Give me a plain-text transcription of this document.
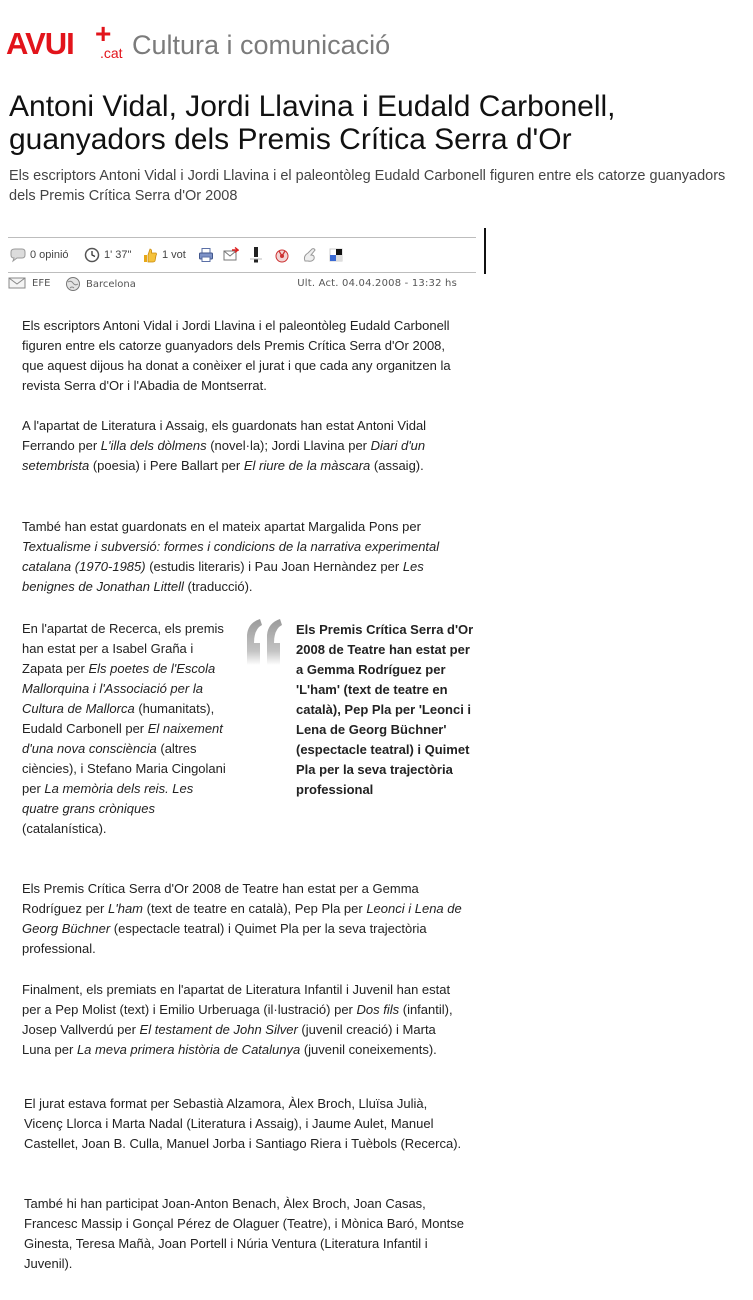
AVUI +
.cat Cultura i comunicació
Antoni Vidal, Jordi Llavina i Eudald Carbonell, guanyadors dels Premis Crítica Serra d'Or
Els escriptors Antoni Vidal i Jordi Llavina i el paleontòleg Eudald Carbonell figuren entre els catorze guanyadors dels Premis Crítica Serra d'Or 2008
0 opinió	1' 37"	1 vot
EFE	Barcelona	Ult. Act. 04.04.2008 - 13:32 hs

Els escriptors Antoni Vidal i Jordi Llavina i el paleontòleg Eudald Carbonell figuren entre els catorze guanyadors dels Premis Crítica Serra d'Or 2008, que aquest dijous ha donat a conèixer el jurat i que cada any organitzen la revista Serra d'Or i l'Abadia de Montserrat.

A l'apartat de Literatura i Assaig, els guardonats han estat Antoni Vidal Ferrando per L'illa dels dòlmens (novel·la); Jordi Llavina per Diari d'un setembrista (poesia) i Pere Ballart per El riure de la màscara (assaig).

També han estat guardonats en el mateix apartat Margalida Pons per Textualisme i subversió: formes i condicions de la narrativa experimental catalana (1970-1985) (estudis literaris) i Pau Joan Hernàndez per Les benignes de Jonathan Littell (traducció).

En l'apartat de Recerca, els premis han estat per a Isabel Graña i Zapata per Els poetes de l'Escola Mallorquina i l'Associació per la Cultura de Mallorca (humanitats), Eudald Carbonell per El naixement d'una nova consciència (altres ciències), i Stefano Maria Cingolani per La memòria dels reis. Les quatre grans cròniques (catalanística).

Els Premis Crítica Serra d'Or 2008 de Teatre han estat per a Gemma Rodríguez per 'L'ham' (text de teatre en català), Pep Pla per 'Leonci i Lena de Georg Büchner' (espectacle teatral) i Quimet Pla per la seva trajectòria professional

Els Premis Crítica Serra d'Or 2008 de Teatre han estat per a Gemma Rodríguez per L'ham (text de teatre en català), Pep Pla per Leonci i Lena de Georg Büchner (espectacle teatral) i Quimet Pla per la seva trajectòria professional.

Finalment, els premiats en l'apartat de Literatura Infantil i Juvenil han estat per a Pep Molist (text) i Emilio Urberuaga (il·lustració) per Dos fils (infantil), Josep Vallverdú per El testament de John Silver (juvenil creació) i Marta Luna per La meva primera història de Catalunya (juvenil coneixements).

El jurat estava format per Sebastià Alzamora, Àlex Broch, Lluïsa Julià, Vicenç Llorca i Marta Nadal (Literatura i Assaig), i Jaume Aulet, Manuel Castellet, Joan B. Culla, Manuel Jorba i Santiago Riera i Tuèbols (Recerca).

També hi han participat Joan-Anton Benach, Àlex Broch, Joan Casas, Francesc Massip i Gonçal Pérez de Olaguer (Teatre), i Mònica Baró, Montse Ginesta, Teresa Mañà, Joan Portell i Núria Ventura (Literatura Infantil i Juvenil).
